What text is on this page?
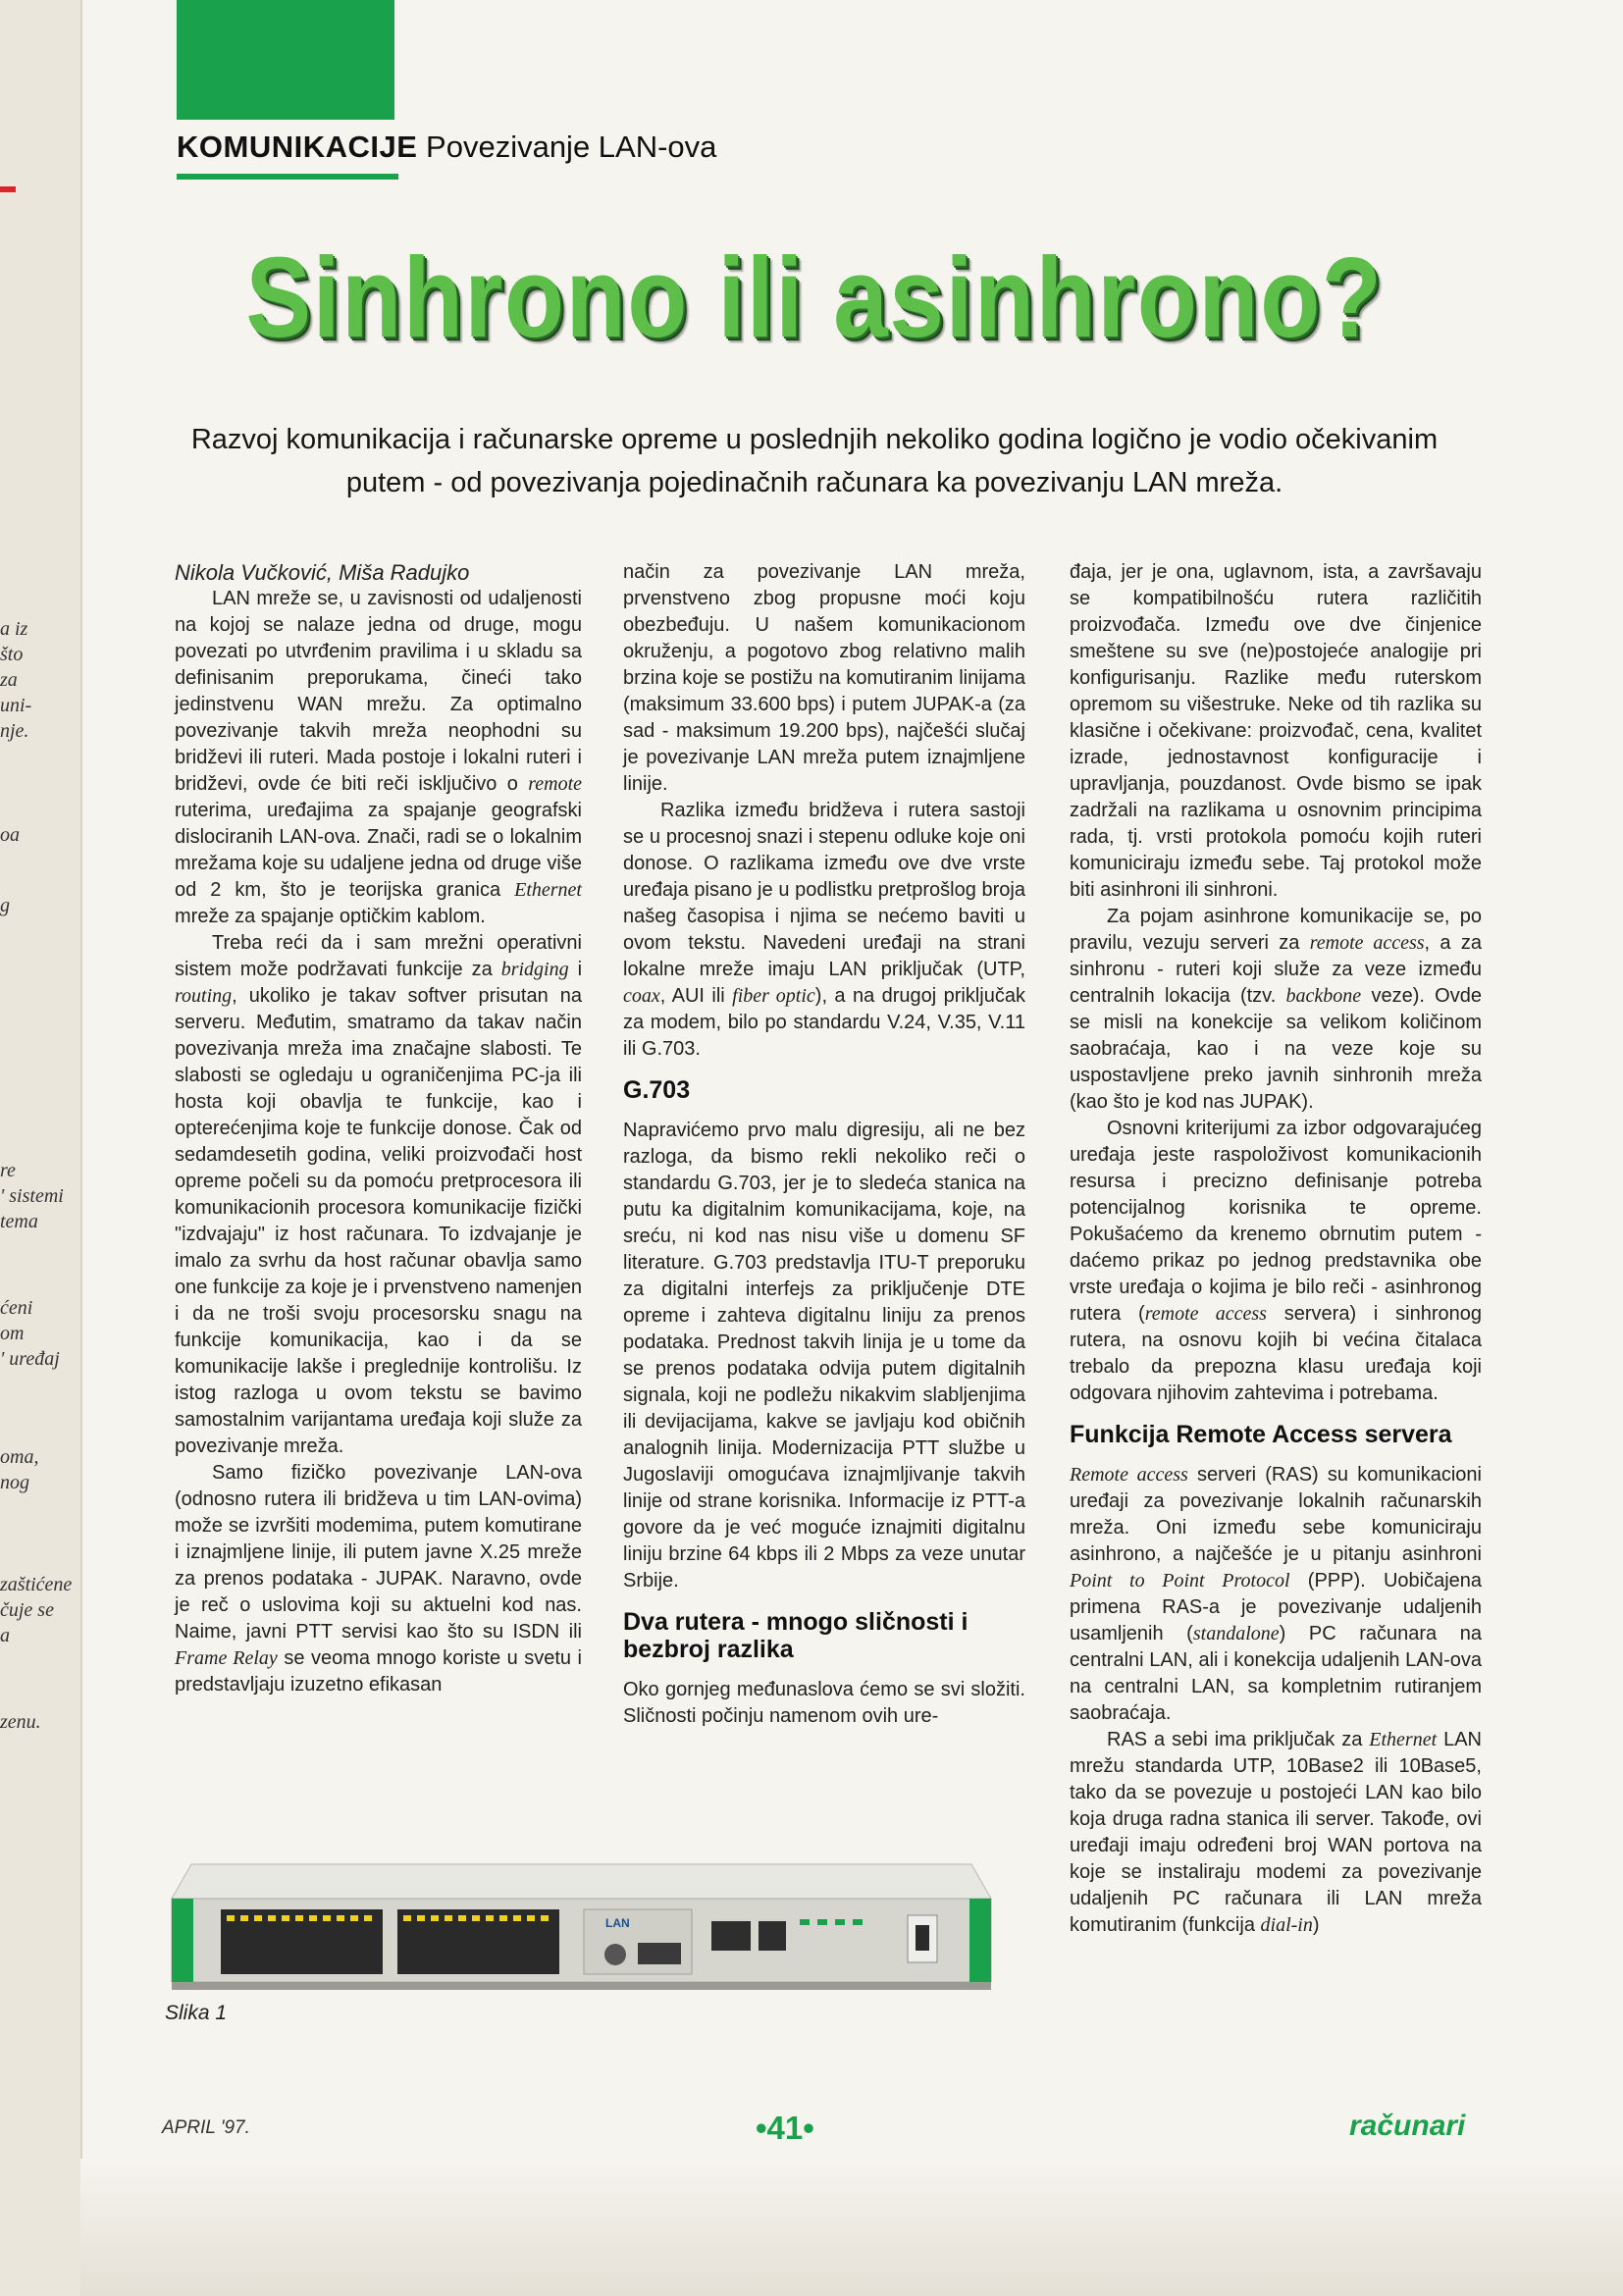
a iz
što
za
uni-
nje.
oa
g
re
' sistemi
tema
ćeni
om
' uređaj
oma,
nog
zaštićene
čuje se
a
zenu.
KOMUNIKACIJE Povezivanje LAN-ova
Sinhrono ili asinhrono?
Razvoj komunikacija i računarske opreme u poslednjih nekoliko godina logično je vodio očekivanim putem - od povezivanja pojedinačnih računara ka povezivanju LAN mreža.

Nikola Vučković, Miša Radujko

LAN mreže se, u zavisnosti od udaljenosti na kojoj se nalaze jedna od druge, mogu povezati po utvrđenim pravilima i u skladu sa definisanim preporukama, čineći tako jedinstvenu WAN mrežu. Za optimalno povezivanje takvih mreža neophodni su bridževi ili ruteri. Mada postoje i lokalni ruteri i bridževi, ovde će biti reči isključivo o remote ruterima, uređajima za spajanje geografski dislociranih LAN-ova. Znači, radi se o lokalnim mrežama koje su udaljene jedna od druge više od 2 km, što je teorijska granica Ethernet mreže za spajanje optičkim kablom.

Treba reći da i sam mrežni operativni sistem može podržavati funkcije za bridging i routing, ukoliko je takav softver prisutan na serveru. Međutim, smatramo da takav način povezivanja mreža ima značajne slabosti. Te slabosti se ogledaju u ograničenjima PC-ja ili hosta koji obavlja te funkcije, kao i opterećenjima koje te funkcije donose. Čak od sedamdesetih godina, veliki proizvođači host opreme počeli su da pomoću pretprocesora ili komunikacionih procesora komunikacije fizički "izdvajaju" iz host računara. To izdvajanje je imalo za svrhu da host računar obavlja samo one funkcije za koje je i prvenstveno namenjen i da ne troši svoju procesorsku snagu na funkcije komunikacija, kao i da se komunikacije lakše i preglednije kontrolišu. Iz istog razloga u ovom tekstu se bavimo samostalnim varijantama uređaja koji služe za povezivanje mreža.

Samo fizičko povezivanje LAN-ova (odnosno rutera ili bridževa u tim LAN-ovima) može se izvršiti modemima, putem komutirane i iznajmljene linije, ili putem javne X.25 mreže za prenos podataka - JUPAK. Naravno, ovde je reč o uslovima koji su aktuelni kod nas. Naime, javni PTT servisi kao što su ISDN ili Frame Relay se veoma mnogo koriste u svetu i predstavljaju izuzetno efikasan

način za povezivanje LAN mreža, prvenstveno zbog propusne moći koju obezbeđuju. U našem komunikacionom okruženju, a pogotovo zbog relativno malih brzina koje se postižu na komutiranim linijama (maksimum 33.600 bps) i putem JUPAK-a (za sad - maksimum 19.200 bps), najčešći slučaj je povezivanje LAN mreža putem iznajmljene linije.

Razlika između bridževa i rutera sastoji se u procesnoj snazi i stepenu odluke koje oni donose. O razlikama između ove dve vrste uređaja pisano je u podlistku pretprošlog broja našeg časopisa i njima se nećemo baviti u ovom tekstu. Navedeni uređaji na strani lokalne mreže imaju LAN priključak (UTP, coax, AUI ili fiber optic), a na drugoj priključak za modem, bilo po standardu V.24, V.35, V.11 ili G.703.

G.703

Napravićemo prvo malu digresiju, ali ne bez razloga, da bismo rekli nekoliko reči o standardu G.703, jer je to sledeća stanica na putu ka digitalnim komunikacijama, koje, na sreću, ni kod nas nisu više u domenu SF literature. G.703 predstavlja ITU-T preporuku za digitalni interfejs za priključenje DTE opreme i zahteva digitalnu liniju za prenos podataka. Prednost takvih linija je u tome da se prenos podataka odvija putem digitalnih signala, koji ne podležu nikakvim slabljenjima ili devijacijama, kakve se javljaju kod običnih analognih linija. Modernizacija PTT službe u Jugoslaviji omogućava iznajmljivanje takvih linije od strane korisnika. Informacije iz PTT-a govore da je već moguće iznajmiti digitalnu liniju brzine 64 kbps ili 2 Mbps za veze unutar Srbije.

Dva rutera - mnogo sličnosti i bezbroj razlika

Oko gornjeg međunaslova ćemo se svi složiti. Sličnosti počinju namenom ovih ure-

đaja, jer je ona, uglavnom, ista, a završavaju se kompatibilnošću rutera različitih proizvođača. Između ove dve činjenice smeštene su sve (ne)postojeće analogije pri konfigurisanju. Razlike među ruterskom opremom su višestruke. Neke od tih razlika su klasične i očekivane: proizvođač, cena, kvalitet izrade, jednostavnost konfiguracije i upravljanja, pouzdanost. Ovde bismo se ipak zadržali na razlikama u osnovnim principima rada, tj. vrsti protokola pomoću kojih ruteri komuniciraju između sebe. Taj protokol može biti asinhroni ili sinhroni.

Za pojam asinhrone komunikacije se, po pravilu, vezuju serveri za remote access, a za sinhronu - ruteri koji služe za veze između centralnih lokacija (tzv. backbone veze). Ovde se misli na konekcije sa velikom količinom saobraćaja, kao i na veze koje su uspostavljene preko javnih sinhronih mreža (kao što je kod nas JUPAK).

Osnovni kriterijumi za izbor odgovarajućeg uređaja jeste raspoloživost komunikacionih resursa i precizno definisanje potreba potencijalnog korisnika te opreme. Pokušaćemo da krenemo obrnutim putem - daćemo prikaz po jednog predstavnika obe vrste uređaja o kojima je bilo reči - asinhronog rutera (remote access servera) i sinhronog rutera, na osnovu kojih bi većina čitalaca trebalo da prepozna klasu uređaja koji odgovara njihovim zahtevima i potrebama.

Funkcija Remote Access servera

Remote access serveri (RAS) su komunikacioni uređaji za povezivanje lokalnih računarskih mreža. Oni između sebe komuniciraju asinhrono, a najčešće je u pitanju asinhroni Point to Point Protocol (PPP). Uobičajena primena RAS-a je povezivanje udaljenih usamljenih (standalone) PC računara na centralni LAN, ali i konekcija udaljenih LAN-ova na centralni LAN, sa kompletnim rutiranjem saobraćaja.

RAS a sebi ima priključak za Ethernet LAN mrežu standarda UTP, 10Base2 ili 10Base5, tako da se povezuje u postojeći LAN kao bilo koja druga radna stanica ili server. Takođe, ovi uređaji imaju određeni broj WAN portova na koje se instaliraju modemi za povezivanje udaljenih PC računara ili LAN mreža komutiranim (funkcija dial-in)

LAN
Slika 1
APRIL '97.	•41•	računari
